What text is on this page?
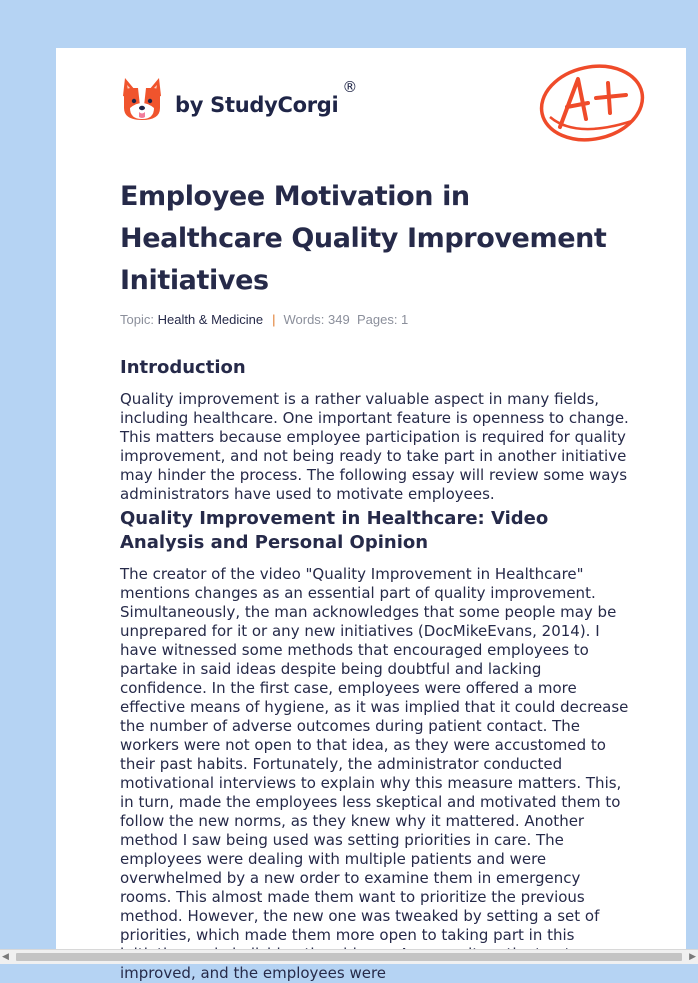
by StudyCorgi
®
Employee Motivation in Healthcare Quality Improvement Initiatives
Topic: Health & Medicine | Words: 349 Pages: 1
Introduction

Quality improvement is a rather valuable aspect in many fields, including healthcare. One important feature is openness to change. This matters because employee participation is required for quality improvement, and not being ready to take part in another initiative may hinder the process. The following essay will review some ways administrators have used to motivate employees.

Quality Improvement in Healthcare: Video Analysis and Personal Opinion

The creator of the video "Quality Improvement in Healthcare" mentions changes as an essential part of quality improvement. Simultaneously, the man acknowledges that some people may be unprepared for it or any new initiatives (DocMikeEvans, 2014). I have witnessed some methods that encouraged employees to partake in said ideas despite being doubtful and lacking confidence. In the first case, employees were offered a more effective means of hygiene, as it was implied that it could decrease the number of adverse outcomes during patient contact. The workers were not open to that idea, as they were accustomed to their past habits. Fortunately, the administrator conducted motivational interviews to explain why this measure matters. This, in turn, made the employees less skeptical and motivated them to follow the new norms, as they knew why it mattered. Another method I saw being used was setting priorities in care. The employees were dealing with multiple patients and were overwhelmed by a new order to examine them in emergency rooms. This almost made them want to prioritize the previous method. However, the new one was tweaked by setting a set of priorities, which made them more open to taking part in this improved, and the employees were

◀	▶
